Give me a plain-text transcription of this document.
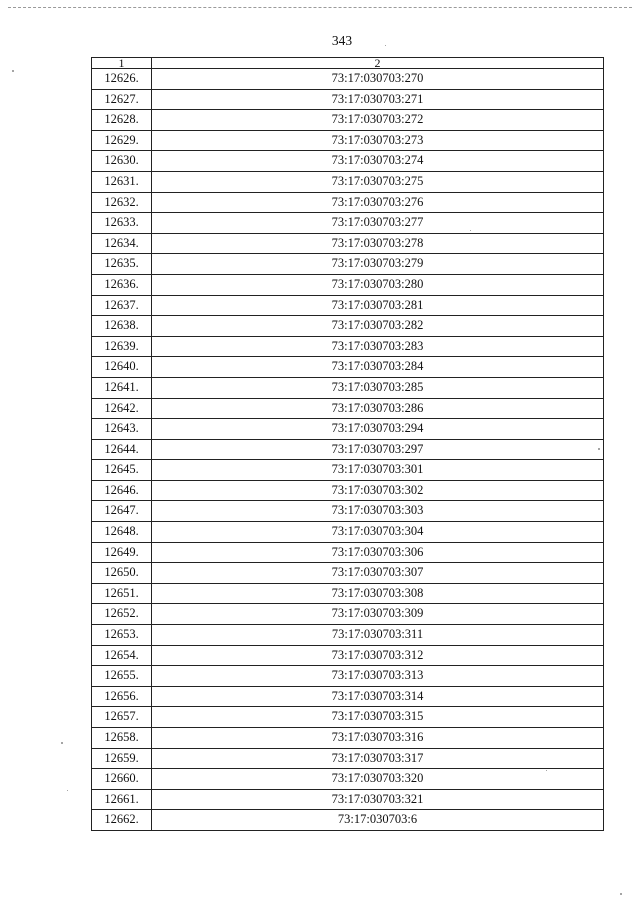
343
1	2
12626.	73:17:030703:270
12627.	73:17:030703:271
12628.	73:17:030703:272
12629.	73:17:030703:273
12630.	73:17:030703:274
12631.	73:17:030703:275
12632.	73:17:030703:276
12633.	73:17:030703:277
12634.	73:17:030703:278
12635.	73:17:030703:279
12636.	73:17:030703:280
12637.	73:17:030703:281
12638.	73:17:030703:282
12639.	73:17:030703:283
12640.	73:17:030703:284
12641.	73:17:030703:285
12642.	73:17:030703:286
12643.	73:17:030703:294
12644.	73:17:030703:297
12645.	73:17:030703:301
12646.	73:17:030703:302
12647.	73:17:030703:303
12648.	73:17:030703:304
12649.	73:17:030703:306
12650.	73:17:030703:307
12651.	73:17:030703:308
12652.	73:17:030703:309
12653.	73:17:030703:311
12654.	73:17:030703:312
12655.	73:17:030703:313
12656.	73:17:030703:314
12657.	73:17:030703:315
12658.	73:17:030703:316
12659.	73:17:030703:317
12660.	73:17:030703:320
12661.	73:17:030703:321
12662.	73:17:030703:6
